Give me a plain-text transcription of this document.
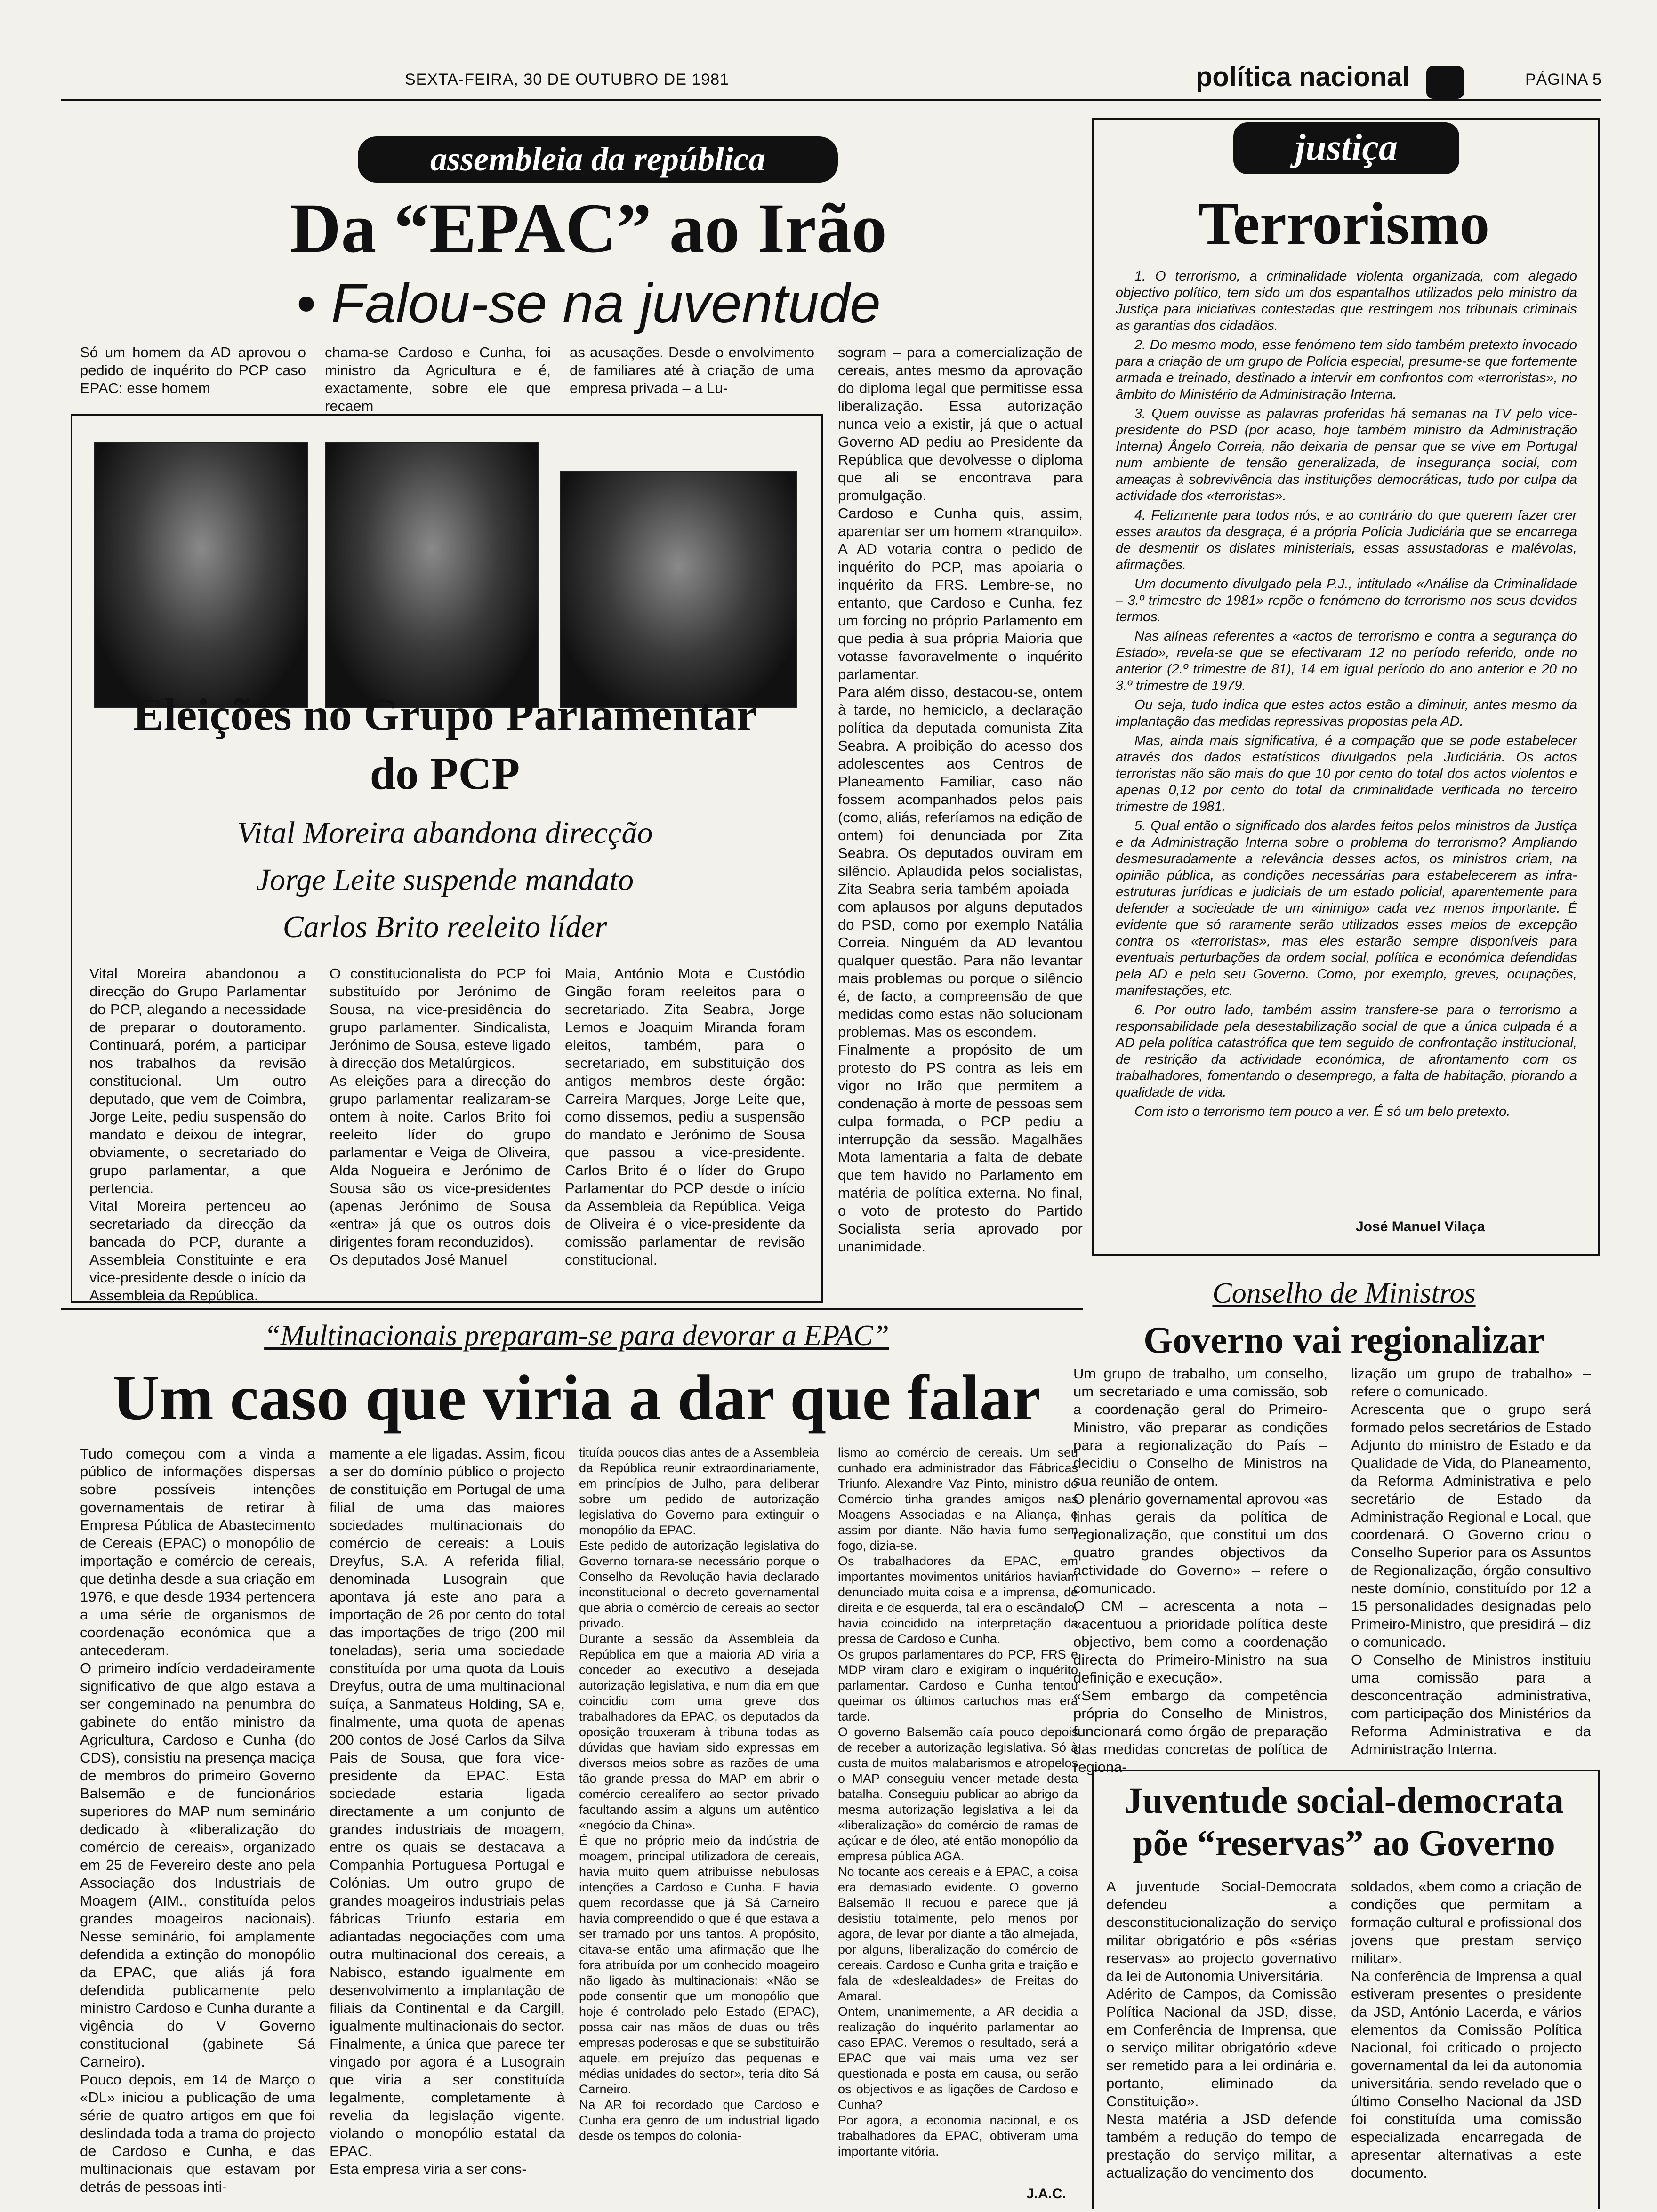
SEXTA-FEIRA, 30 DE OUTUBRO DE 1981	política nacional	PÁGINA 5
assembleia da república
Da “EPAC” ao Irão
• Falou-se na juventude
Só um homem da AD aprovou o pedido de inquérito do PCP caso EPAC: esse homem
chama-se Cardoso e Cunha, foi ministro da Agricultura e é, exactamente, sobre ele que recaem
as acusações. Desde o envolvimento de familiares até à criação de uma empresa privada – a Lu-
sogram – para a comercialização de cereais, antes mesmo da aprovação do diploma legal que permitisse essa liberalização. Essa autorização nunca veio a existir, já que o actual Governo AD pediu ao Presidente da República que devolvesse o diploma que ali se encontrava para promulgação.
Cardoso e Cunha quis, assim, aparentar ser um homem «tranquilo». A AD votaria contra o pedido de inquérito do PCP, mas apoiaria o inquérito da FRS. Lembre-se, no entanto, que Cardoso e Cunha, fez um forcing no próprio Parlamento em que pedia à sua própria Maioria que votasse favoravelmente o inquérito parlamentar.
Para além disso, destacou-se, ontem à tarde, no hemiciclo, a declaração política da deputada comunista Zita Seabra. A proibição do acesso dos adolescentes aos Centros de Planeamento Familiar, caso não fossem acompanhados pelos pais (como, aliás, referíamos na edição de ontem) foi denunciada por Zita Seabra. Os deputados ouviram em silêncio. Aplaudida pelos socialistas, Zita Seabra seria também apoiada – com aplausos por alguns deputados do PSD, como por exemplo Natália Correia. Ninguém da AD levantou qualquer questão. Para não levantar mais problemas ou porque o silêncio é, de facto, a compreensão de que medidas como estas não solucionam problemas. Mas os escondem.
Finalmente a propósito de um protesto do PS contra as leis em vigor no Irão que permitem a condenação à morte de pessoas sem culpa formada, o PCP pediu a interrupção da sessão. Magalhães Mota lamentaria a falta de debate que tem havido no Parlamento em matéria de política externa. No final, o voto de protesto do Partido Socialista seria aprovado por unanimidade.
Eleições no Grupo Parlamentar
do PCP
Vital Moreira abandona direcção
Jorge Leite suspende mandato
Carlos Brito reeleito líder
Vital Moreira abandonou a direcção do Grupo Parlamentar do PCP, alegando a necessidade de preparar o doutoramento. Continuará, porém, a participar nos trabalhos da revisão constitucional. Um outro deputado, que vem de Coimbra, Jorge Leite, pediu suspensão do mandato e deixou de integrar, obviamente, o secretariado do grupo parlamentar, a que pertencia.
Vital Moreira pertenceu ao secretariado da direcção da bancada do PCP, durante a Assembleia Constituinte e era vice-presidente desde o início da Assembleia da República.
O constitucionalista do PCP foi substituído por Jerónimo de Sousa, na vice-presidência do grupo parlamenter. Sindicalista, Jerónimo de Sousa, esteve ligado à direcção dos Metalúrgicos.
As eleições para a direcção do grupo parlamentar realizaram-se ontem à noite. Carlos Brito foi reeleito líder do grupo parlamentar e Veiga de Oliveira, Alda Nogueira e Jerónimo de Sousa são os vice-presidentes (apenas Jerónimo de Sousa «entra» já que os outros dois dirigentes foram reconduzidos).
Os deputados José Manuel
Maia, António Mota e Custódio Gingão foram reeleitos para o secretariado. Zita Seabra, Jorge Lemos e Joaquim Miranda foram eleitos, também, para o secretariado, em substituição dos antigos membros deste órgão: Carreira Marques, Jorge Leite que, como dissemos, pediu a suspensão do mandato e Jerónimo de Sousa que passou a vice-presidente. Carlos Brito é o líder do Grupo Parlamentar do PCP desde o início da Assembleia da República. Veiga de Oliveira é o vice-presidente da comissão parlamentar de revisão constitucional.
justiça
Terrorismo

1. O terrorismo, a criminalidade violenta organizada, com alegado objectivo político, tem sido um dos espantalhos utilizados pelo ministro da Justiça para iniciativas contestadas que restringem nos tribunais criminais as garantias dos cidadãos.

2. Do mesmo modo, esse fenómeno tem sido também pretexto invocado para a criação de um grupo de Polícia especial, presume-se que fortemente armada e treinado, destinado a intervir em confrontos com «terroristas», no âmbito do Ministério da Administração Interna.

3. Quem ouvisse as palavras proferidas há semanas na TV pelo vice-presidente do PSD (por acaso, hoje também ministro da Administração Interna) Ângelo Correia, não deixaria de pensar que se vive em Portugal num ambiente de tensão generalizada, de insegurança social, com ameaças à sobrevivência das instituições democráticas, tudo por culpa da actividade dos «terroristas».

4. Felizmente para todos nós, e ao contrário do que querem fazer crer esses arautos da desgraça, é a própria Polícia Judiciária que se encarrega de desmentir os dislates ministeriais, essas assustadoras e malévolas, afirmações.

Um documento divulgado pela P.J., intitulado «Análise da Criminalidade – 3.º trimestre de 1981» repõe o fenómeno do terrorismo nos seus devidos termos.

Nas alíneas referentes a «actos de terrorismo e contra a segurança do Estado», revela-se que se efectivaram 12 no período referido, onde no anterior (2.º trimestre de 81), 14 em igual período do ano anterior e 20 no 3.º trimestre de 1979.

Ou seja, tudo indica que estes actos estão a diminuir, antes mesmo da implantação das medidas repressivas propostas pela AD.

Mas, ainda mais significativa, é a compação que se pode estabelecer através dos dados estatísticos divulgados pela Judiciária. Os actos terroristas não são mais do que 10 por cento do total dos actos violentos e apenas 0,12 por cento do total da criminalidade verificada no terceiro trimestre de 1981.

5. Qual então o significado dos alardes feitos pelos ministros da Justiça e da Administração Interna sobre o problema do terrorismo? Ampliando desmesuradamente a relevância desses actos, os ministros criam, na opinião pública, as condições necessárias para estabelecerem as infra-estruturas jurídicas e judiciais de um estado policial, aparentemente para defender a sociedade de um «inimigo» cada vez menos importante. É evidente que só raramente serão utilizados esses meios de excepção contra os «terroristas», mas eles estarão sempre disponíveis para eventuais perturbações da ordem social, política e económica defendidas pela AD e pelo seu Governo. Como, por exemplo, greves, ocupações, manifestações, etc.

6. Por outro lado, também assim transfere-se para o terrorismo a responsabilidade pela desestabilização social de que a única culpada é a AD pela política catastrófica que tem seguido de confrontação institucional, de restrição da actividade económica, de afrontamento com os trabalhadores, fomentando o desemprego, a falta de habitação, piorando a qualidade de vida.

Com isto o terrorismo tem pouco a ver. É só um belo pretexto.

José Manuel Vilaça
Conselho de Ministros
Governo vai regionalizar
Um grupo de trabalho, um conselho, um secretariado e uma comissão, sob a coordenação geral do Primeiro-Ministro, vão preparar as condições para a regionalização do País – decidiu o Conselho de Ministros na sua reunião de ontem.
O plenário governamental aprovou «as linhas gerais da política de regionalização, que constitui um dos quatro grandes objectivos da actividade do Governo» – refere o comunicado.
O CM – acrescenta a nota – «acentuou a prioridade política deste objectivo, bem como a coordenação directa do Primeiro-Ministro na sua definição e execução».
«Sem embargo da competência própria do Conselho de Ministros, funcionará como órgão de preparação das medidas concretas de política de regiona-
lização um grupo de trabalho» – refere o comunicado.
Acrescenta que o grupo será formado pelos secretários de Estado Adjunto do ministro de Estado e da Qualidade de Vida, do Planeamento, da Reforma Administrativa e pelo secretário de Estado da Administração Regional e Local, que coordenará. O Governo criou o Conselho Superior para os Assuntos de Regionalização, órgão consultivo neste domínio, constituído por 12 a 15 personalidades designadas pelo Primeiro-Ministro, que presidirá – diz o comunicado.
O Conselho de Ministros instituiu uma comissão para a desconcentração administrativa, com participação dos Ministérios da Reforma Administrativa e da Administração Interna.
Juventude social-democrata
põe “reservas” ao Governo
A juventude Social-Democrata defendeu a desconstitucionalização do serviço militar obrigatório e pôs «sérias reservas» ao projecto governativo da lei de Autonomia Universitária.
Adérito de Campos, da Comissão Política Nacional da JSD, disse, em Conferência de Imprensa, que o serviço militar obrigatório «deve ser remetido para a lei ordinária e, portanto, eliminado da Constituição».
Nesta matéria a JSD defende também a redução do tempo de prestação do serviço militar, a actualização do vencimento dos
soldados, «bem como a criação de condições que permitam a formação cultural e profissional dos jovens que prestam serviço militar».
Na conferência de Imprensa a qual estiveram presentes o presidente da JSD, António Lacerda, e vários elementos da Comissão Política Nacional, foi criticado o projecto governamental da lei da autonomia universitária, sendo revelado que o último Conselho Nacional da JSD foi constituída uma comissão especializada encarregada de apresentar alternativas a este documento.
“Multinacionais preparam-se para devorar a EPAC”
Um caso que viria a dar que falar
Tudo começou com a vinda a público de informações dispersas sobre possíveis intenções governamentais de retirar à Empresa Pública de Abastecimento de Cereais (EPAC) o monopólio de importação e comércio de cereais, que detinha desde a sua criação em 1976, e que desde 1934 pertencera a uma série de organismos de coordenação económica que a antecederam.
O primeiro indício verdadeiramente significativo de que algo estava a ser congeminado na penumbra do gabinete do então ministro da Agricultura, Cardoso e Cunha (do CDS), consistiu na presença maciça de membros do primeiro Governo Balsemão e de funcionários superiores do MAP num seminário dedicado à «liberalização do comércio de cereais», organizado em 25 de Fevereiro deste ano pela Associação dos Industriais de Moagem (AIM., constituída pelos grandes moageiros nacionais). Nesse seminário, foi amplamente defendida a extinção do monopólio da EPAC, que aliás já fora defendida publicamente pelo ministro Cardoso e Cunha durante a vigência do V Governo constitucional (gabinete Sá Carneiro).
Pouco depois, em 14 de Março o «DL» iniciou a publicação de uma série de quatro artigos em que foi deslindada toda a trama do projecto de Cardoso e Cunha, e das multinacionais que estavam por detrás de pessoas inti-
mamente a ele ligadas. Assim, ficou a ser do domínio público o projecto de constituição em Portugal de uma filial de uma das maiores sociedades multinacionais do comércio de cereais: a Louis Dreyfus, S.A. A referida filial, denominada Lusograin que apontava já este ano para a importação de 26 por cento do total das importações de trigo (200 mil toneladas), seria uma sociedade constituída por uma quota da Louis Dreyfus, outra de uma multinacional suíça, a Sanmateus Holding, SA e, finalmente, uma quota de apenas 200 contos de José Carlos da Silva Pais de Sousa, que fora vice-presidente da EPAC. Esta sociedade estaria ligada directamente a um conjunto de grandes industriais de moagem, entre os quais se destacava a Companhia Portuguesa Portugal e Colónias. Um outro grupo de grandes moageiros industriais pelas fábricas Triunfo estaria em adiantadas negociações com uma outra multinacional dos cereais, a Nabisco, estando igualmente em desenvolvimento a implantação de filiais da Continental e da Cargill, igualmente multinacionais do sector.
Finalmente, a única que parece ter vingado por agora é a Lusograin que viria a ser constituída legalmente, completamente à revelia da legislação vigente, violando o monopólio estatal da EPAC.
Esta empresa viria a ser cons-
tituída poucos dias antes de a Assembleia da República reunir extraordinariamente, em princípios de Julho, para deliberar sobre um pedido de autorização legislativa do Governo para extinguir o monopólio da EPAC.
Este pedido de autorização legislativa do Governo tornara-se necessário porque o Conselho da Revolução havia declarado inconstitucional o decreto governamental que abria o comércio de cereais ao sector privado.
Durante a sessão da Assembleia da República em que a maioria AD viria a conceder ao executivo a desejada autorização legislativa, e num dia em que coincidiu com uma greve dos trabalhadores da EPAC, os deputados da oposição trouxeram à tribuna todas as dúvidas que haviam sido expressas em diversos meios sobre as razões de uma tão grande pressa do MAP em abrir o comércio cerealífero ao sector privado facultando assim a alguns um autêntico «negócio da China».
É que no próprio meio da indústria de moagem, principal utilizadora de cereais, havia muito quem atribuísse nebulosas intenções a Cardoso e Cunha. E havia quem recordasse que já Sá Carneiro havia compreendido o que é que estava a ser tramado por uns tantos. A propósito, citava-se então uma afirmação que lhe fora atribuída por um conhecido moageiro não ligado às multinacionais: «Não se pode consentir que um monopólio que hoje é controlado pelo Estado (EPAC), possa cair nas mãos de duas ou três empresas poderosas e que se substituirão aquele, em prejuízo das pequenas e médias unidades do sector», teria dito Sá Carneiro.
Na AR foi recordado que Cardoso e Cunha era genro de um industrial ligado desde os tempos do colonia-
lismo ao comércio de cereais. Um seu cunhado era administrador das Fábricas Triunfo. Alexandre Vaz Pinto, ministro do Comércio tinha grandes amigos nas Moagens Associadas e na Aliança, e assim por diante. Não havia fumo sem fogo, dizia-se.
Os trabalhadores da EPAC, em importantes movimentos unitários haviam denunciado muita coisa e a imprensa, de direita e de esquerda, tal era o escândalo, havia coincidido na interpretação da pressa de Cardoso e Cunha.
Os grupos parlamentares do PCP, FRS e MDP viram claro e exigiram o inquérito parlamentar. Cardoso e Cunha tentou queimar os últimos cartuchos mas era tarde.
O governo Balsemão caía pouco depois de receber a autorização legislativa. Só à custa de muitos malabarismos e atropelos o MAP conseguiu vencer metade desta batalha. Conseguiu publicar ao abrigo da mesma autorização legislativa a lei da «liberalização» do comércio de ramas de açúcar e de óleo, até então monopólio da empresa pública AGA.
No tocante aos cereais e à EPAC, a coisa era demasiado evidente. O governo Balsemão II recuou e parece que já desistiu totalmente, pelo menos por agora, de levar por diante a tão almejada, por alguns, liberalização do comércio de cereais. Cardoso e Cunha grita e traição e fala de «deslealdades» de Freitas do Amaral.
Ontem, unanimemente, a AR decidia a realização do inquérito parlamentar ao caso EPAC. Veremos o resultado, será a EPAC que vai mais uma vez ser questionada e posta em causa, ou serão os objectivos e as ligações de Cardoso e Cunha?
Por agora, a economia nacional, e os trabalhadores da EPAC, obtiveram uma importante vitória.
J.A.C.
